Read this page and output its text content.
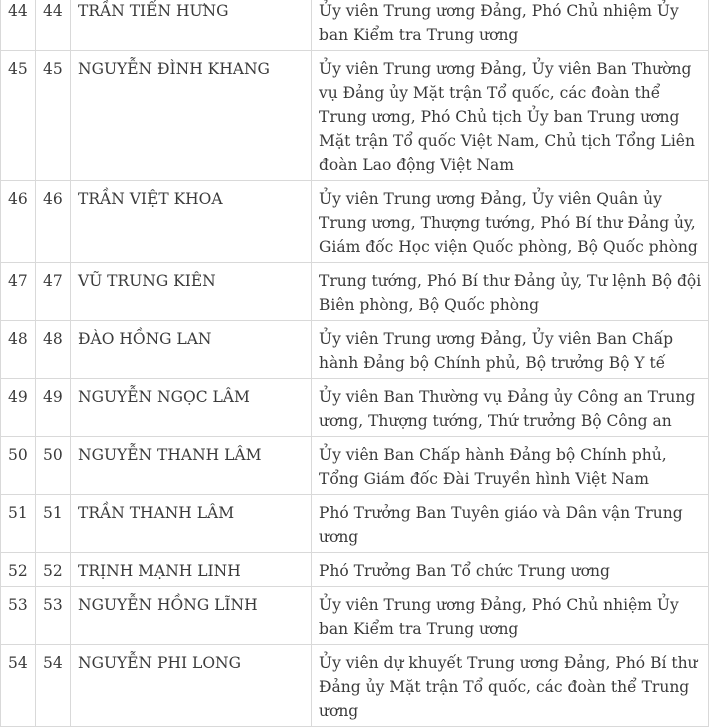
44	44	TRẦN TIẾN HƯNG	Ủy viên Trung ương Đảng, Phó Chủ nhiệm Ủy ban Kiểm tra Trung ương
45	45	NGUYỄN ĐÌNH KHANG	Ủy viên Trung ương Đảng, Ủy viên Ban Thường vụ Đảng ủy Mặt trận Tổ quốc, các đoàn thể Trung ương, Phó Chủ tịch Ủy ban Trung ương Mặt trận Tổ quốc Việt Nam, Chủ tịch Tổng Liên đoàn Lao động Việt Nam
46	46	TRẦN VIỆT KHOA	Ủy viên Trung ương Đảng, Ủy viên Quân ủy Trung ương, Thượng tướng, Phó Bí thư Đảng ủy, Giám đốc Học viện Quốc phòng, Bộ Quốc phòng
47	47	VŨ TRUNG KIÊN	Trung tướng, Phó Bí thư Đảng ủy, Tư lệnh Bộ đội Biên phòng, Bộ Quốc phòng
48	48	ĐÀO HỒNG LAN	Ủy viên Trung ương Đảng, Ủy viên Ban Chấp hành Đảng bộ Chính phủ, Bộ trưởng Bộ Y tế
49	49	NGUYỄN NGỌC LÂM	Ủy viên Ban Thường vụ Đảng ủy Công an Trung ương, Thượng tướng, Thứ trưởng Bộ Công an
50	50	NGUYỄN THANH LÂM	Ủy viên Ban Chấp hành Đảng bộ Chính phủ, Tổng Giám đốc Đài Truyền hình Việt Nam
51	51	TRẦN THANH LÂM	Phó Trưởng Ban Tuyên giáo và Dân vận Trung ương
52	52	TRỊNH MẠNH LINH	Phó Trưởng Ban Tổ chức Trung ương
53	53	NGUYỄN HỒNG LĨNH	Ủy viên Trung ương Đảng, Phó Chủ nhiệm Ủy ban Kiểm tra Trung ương
54	54	NGUYỄN PHI LONG	Ủy viên dự khuyết Trung ương Đảng, Phó Bí thư Đảng ủy Mặt trận Tổ quốc, các đoàn thể Trung ương
